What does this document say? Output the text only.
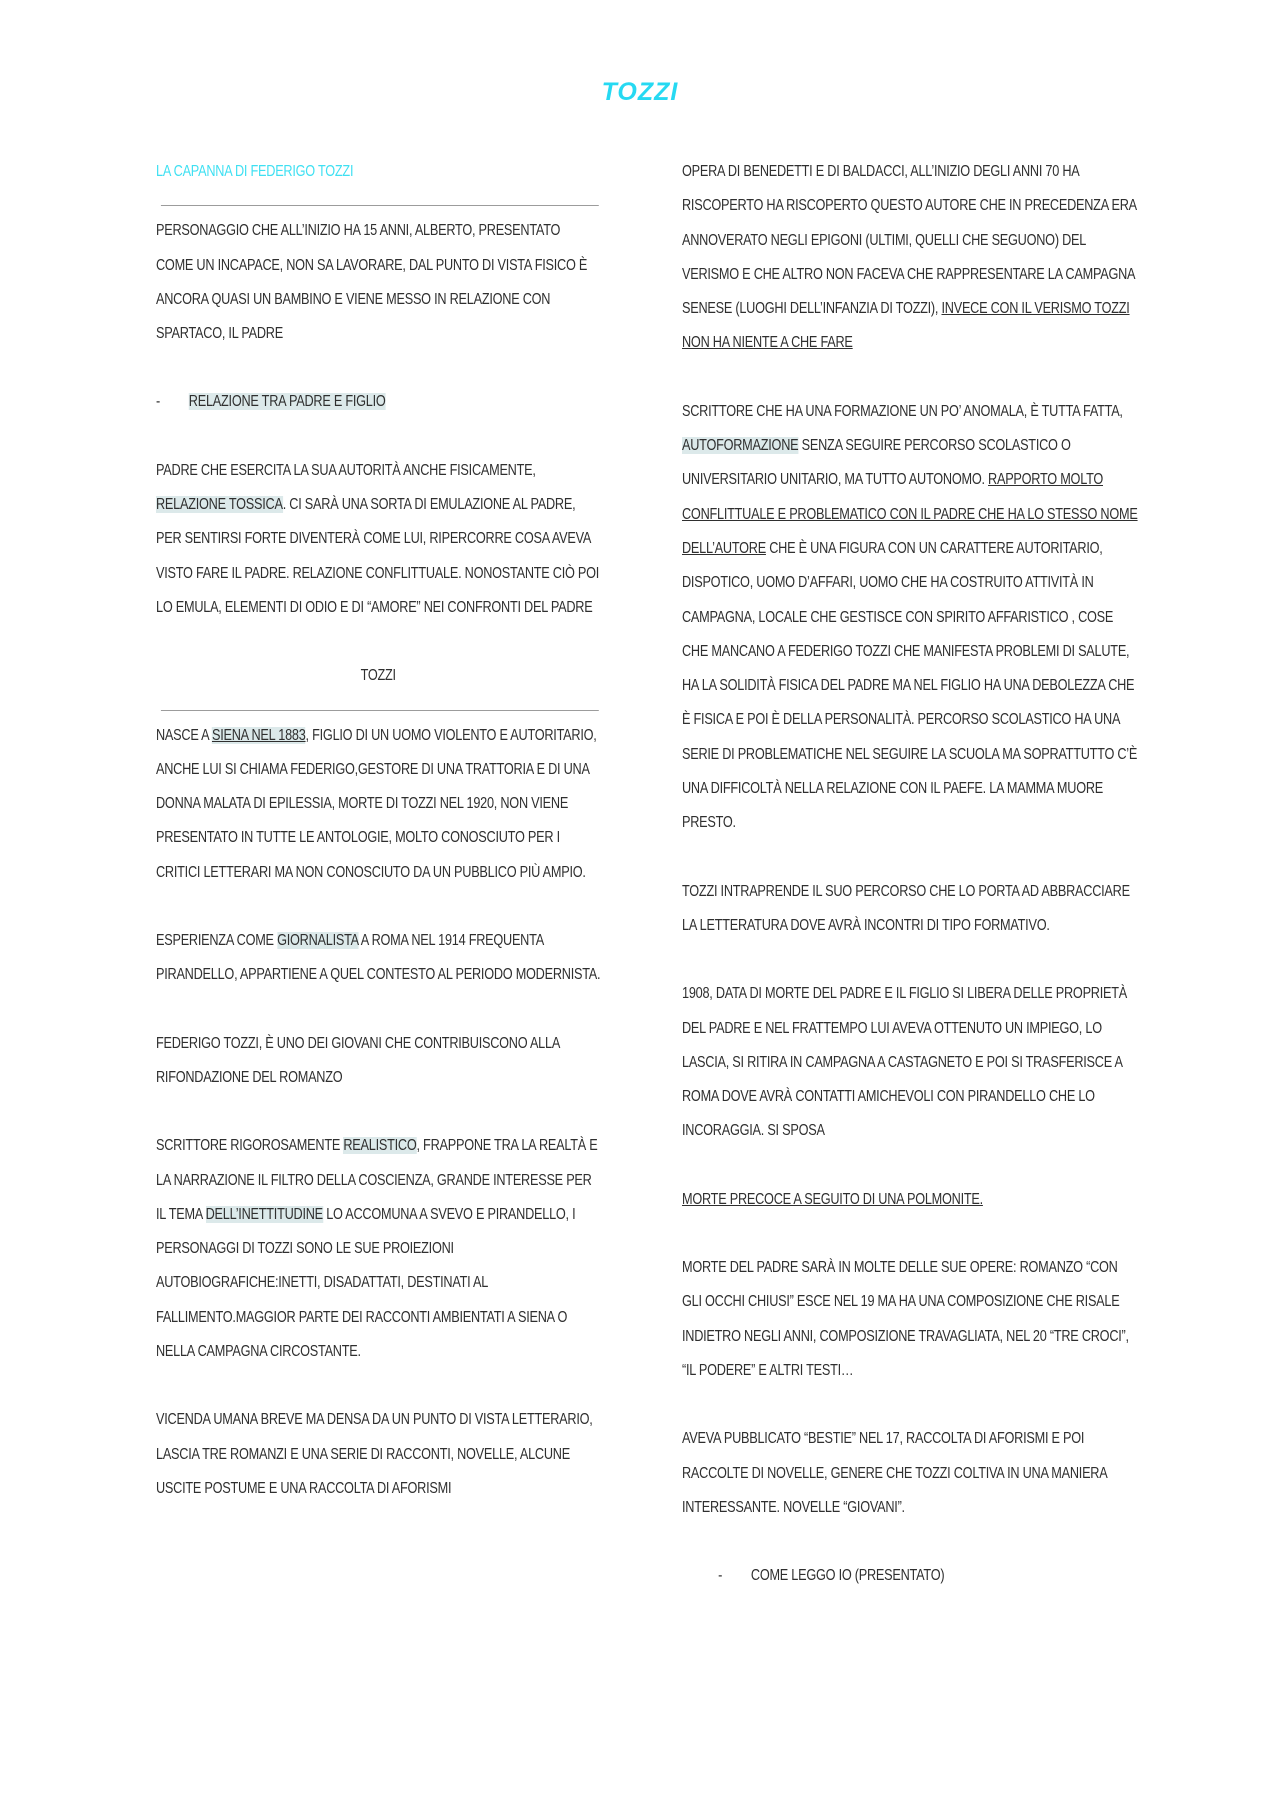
TOZZI

LA CAPANNA DI FEDERIGO TOZZI

PERSONAGGIO CHE ALL’INIZIO HA 15 ANNI, ALBERTO, PRESENTATO COME UN INCAPACE, NON SA LAVORARE, DAL PUNTO DI VISTA FISICO È ANCORA QUASI UN BAMBINO E VIENE MESSO IN RELAZIONE CON SPARTACO, IL PADRE

- RELAZIONE TRA PADRE E FIGLIO

PADRE CHE ESERCITA LA SUA AUTORITÀ ANCHE FISICAMENTE, RELAZIONE TOSSICA. CI SARÀ UNA SORTA DI EMULAZIONE AL PADRE, PER SENTIRSI FORTE DIVENTERÀ COME LUI, RIPERCORRE COSA AVEVA VISTO FARE IL PADRE. RELAZIONE CONFLITTUALE. NONOSTANTE CIÒ POI LO EMULA, ELEMENTI DI ODIO E DI “AMORE” NEI CONFRONTI DEL PADRE

TOZZI

NASCE A SIENA NEL 1883, FIGLIO DI UN UOMO VIOLENTO E AUTORITARIO, ANCHE LUI SI CHIAMA FEDERIGO,GESTORE DI UNA TRATTORIA E DI UNA DONNA MALATA DI EPILESSIA, MORTE DI TOZZI NEL 1920, NON VIENE PRESENTATO IN TUTTE LE ANTOLOGIE, MOLTO CONOSCIUTO PER I CRITICI LETTERARI MA NON CONOSCIUTO DA UN PUBBLICO PIÙ AMPIO.

ESPERIENZA COME GIORNALISTA A ROMA NEL 1914 FREQUENTA PIRANDELLO, APPARTIENE A QUEL CONTESTO AL PERIODO MODERNISTA.

FEDERIGO TOZZI, È UNO DEI GIOVANI CHE CONTRIBUISCONO ALLA RIFONDAZIONE DEL ROMANZO

SCRITTORE RIGOROSAMENTE REALISTICO, FRAPPONE TRA LA REALTÀ E LA NARRAZIONE IL FILTRO DELLA COSCIENZA, GRANDE INTERESSE PER IL TEMA DELL’INETTITUDINE LO ACCOMUNA A SVEVO E PIRANDELLO, I PERSONAGGI DI TOZZI SONO LE SUE PROIEZIONI AUTOBIOGRAFICHE:INETTI, DISADATTATI, DESTINATI AL FALLIMENTO.MAGGIOR PARTE DEI RACCONTI AMBIENTATI A SIENA O NELLA CAMPAGNA CIRCOSTANTE.

VICENDA UMANA BREVE MA DENSA DA UN PUNTO DI VISTA LETTERARIO, LASCIA TRE ROMANZI E UNA SERIE DI RACCONTI, NOVELLE, ALCUNE USCITE POSTUME E UNA RACCOLTA DI AFORISMI

OPERA DI BENEDETTI E DI BALDACCI, ALL’INIZIO DEGLI ANNI 70 HA RISCOPERTO HA RISCOPERTO QUESTO AUTORE CHE IN PRECEDENZA ERA ANNOVERATO NEGLI EPIGONI (ULTIMI, QUELLI CHE SEGUONO) DEL VERISMO E CHE ALTRO NON FACEVA CHE RAPPRESENTARE LA CAMPAGNA SENESE (LUOGHI DELL’INFANZIA DI TOZZI), INVECE CON IL VERISMO TOZZI NON HA NIENTE A CHE FARE

SCRITTORE CHE HA UNA FORMAZIONE UN PO’ ANOMALA, È TUTTA FATTA, AUTOFORMAZIONE SENZA SEGUIRE PERCORSO SCOLASTICO O UNIVERSITARIO UNITARIO, MA TUTTO AUTONOMO. RAPPORTO MOLTO CONFLITTUALE E PROBLEMATICO CON IL PADRE CHE HA LO STESSO NOME DELL’AUTORE CHE È UNA FIGURA CON UN CARATTERE AUTORITARIO, DISPOTICO, UOMO D’AFFARI, UOMO CHE HA COSTRUITO ATTIVITÀ IN CAMPAGNA, LOCALE CHE GESTISCE CON SPIRITO AFFARISTICO , COSE CHE MANCANO A FEDERIGO TOZZI CHE MANIFESTA PROBLEMI DI SALUTE, HA LA SOLIDITÀ FISICA DEL PADRE MA NEL FIGLIO HA UNA DEBOLEZZA CHE È FISICA E POI È DELLA PERSONALITÀ. PERCORSO SCOLASTICO HA UNA SERIE DI PROBLEMATICHE NEL SEGUIRE LA SCUOLA MA SOPRATTUTTO C’È UNA DIFFICOLTÀ NELLA RELAZIONE CON IL PAEFE. LA MAMMA MUORE PRESTO.

TOZZI INTRAPRENDE IL SUO PERCORSO CHE LO PORTA AD ABBRACCIARE LA LETTERATURA DOVE AVRÀ INCONTRI DI TIPO FORMATIVO.

1908, DATA DI MORTE DEL PADRE E IL FIGLIO SI LIBERA DELLE PROPRIETÀ DEL PADRE E NEL FRATTEMPO LUI AVEVA OTTENUTO UN IMPIEGO, LO LASCIA, SI RITIRA IN CAMPAGNA A CASTAGNETO E POI SI TRASFERISCE A ROMA DOVE AVRÀ CONTATTI AMICHEVOLI CON PIRANDELLO CHE LO INCORAGGIA. SI SPOSA

MORTE PRECOCE A SEGUITO DI UNA POLMONITE.

MORTE DEL PADRE SARÀ IN MOLTE DELLE SUE OPERE: ROMANZO “CON GLI OCCHI CHIUSI” ESCE NEL 19 MA HA UNA COMPOSIZIONE CHE RISALE INDIETRO NEGLI ANNI, COMPOSIZIONE TRAVAGLIATA, NEL 20 “TRE CROCI”, “IL PODERE” E ALTRI TESTI…

AVEVA PUBBLICATO “BESTIE” NEL 17, RACCOLTA DI AFORISMI E POI RACCOLTE DI NOVELLE, GENERE CHE TOZZI COLTIVA IN UNA MANIERA INTERESSANTE. NOVELLE “GIOVANI”.

- COME LEGGO IO (PRESENTATO)
